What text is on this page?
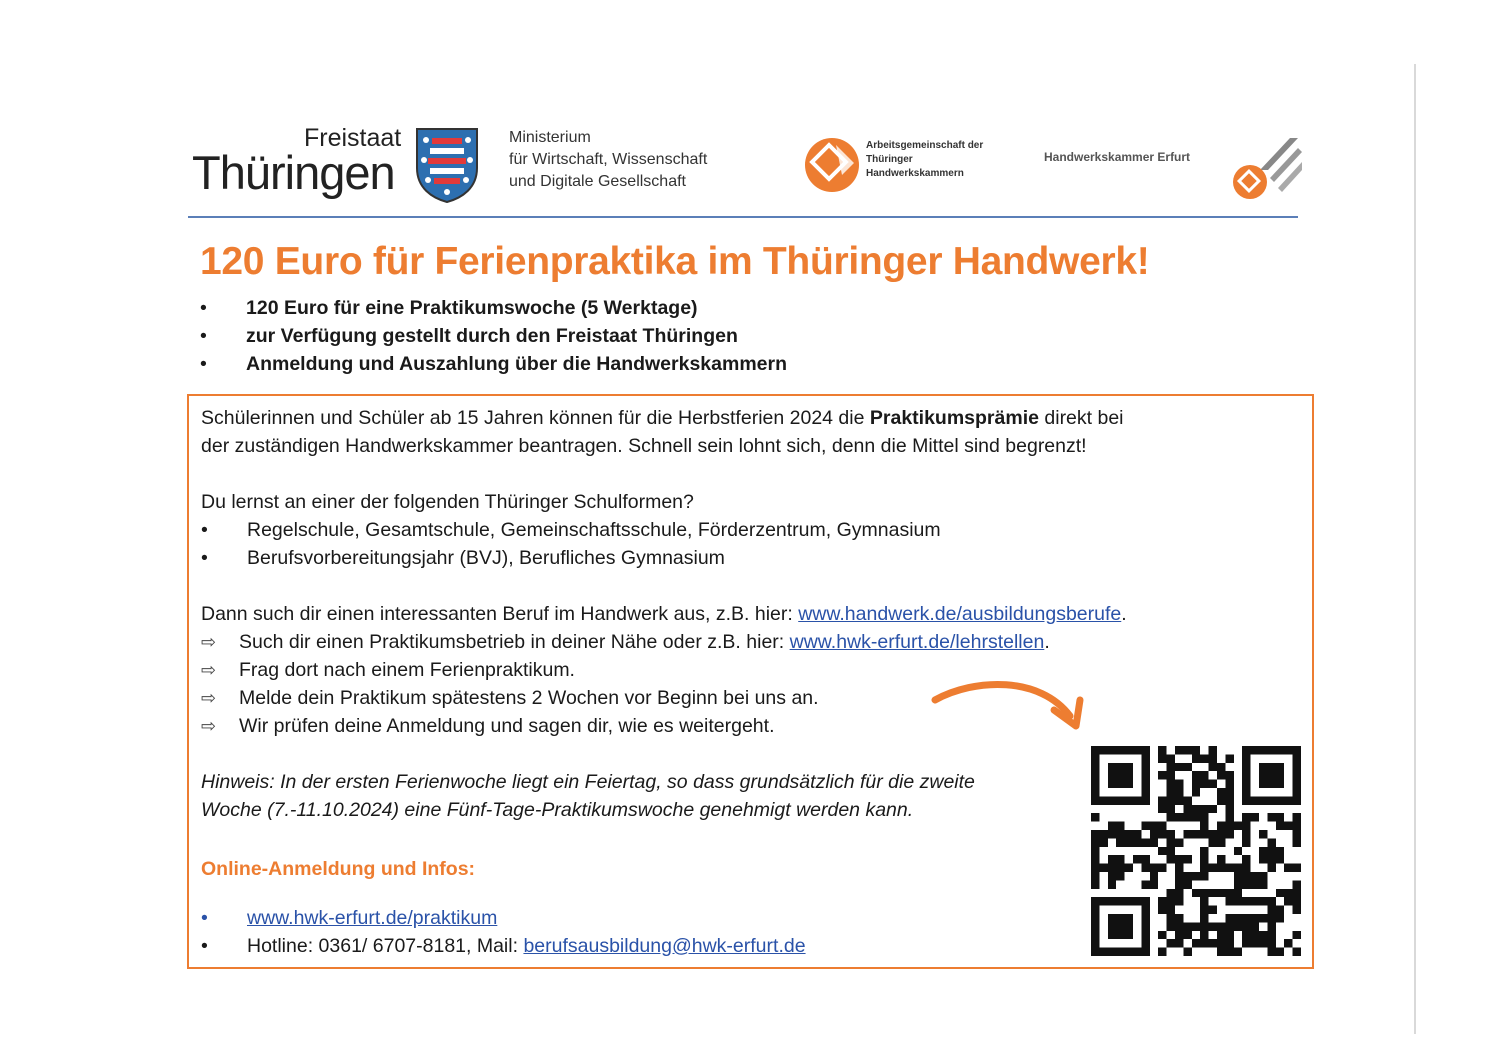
Freistaat
Thüringen
Ministerium
für Wirtschaft, Wissenschaft
und Digitale Gesellschaft
Arbeitsgemeinschaft der
Thüringer
Handwerkskammern
Handwerkskammer Erfurt
120 Euro für Ferienpraktika im Thüringer Handwerk!
• 120 Euro für eine Praktikumswoche (5 Werktage)
• zur Verfügung gestellt durch den Freistaat Thüringen
• Anmeldung und Auszahlung über die Handwerkskammern

Schülerinnen und Schüler ab 15 Jahren können für die Herbstferien 2024 die Praktikumsprämie direkt bei

der zuständigen Handwerkskammer beantragen. Schnell sein lohnt sich, denn die Mittel sind begrenzt!

Du lernst an einer der folgenden Thüringer Schulformen?

• Regelschule, Gesamtschule, Gemeinschaftsschule, Förderzentrum, Gymnasium
• Berufsvorbereitungsjahr (BVJ), Berufliches Gymnasium

Dann such dir einen interessanten Beruf im Handwerk aus, z.B. hier: www.handwerk.de/ausbildungsberufe.

⇨ Such dir einen Praktikumsbetrieb in deiner Nähe oder z.B. hier: www.hwk-erfurt.de/lehrstellen.
⇨ Frag dort nach einem Ferienpraktikum.
⇨ Melde dein Praktikum spätestens 2 Wochen vor Beginn bei uns an.
⇨ Wir prüfen deine Anmeldung und sagen dir, wie es weitergeht.
Hinweis: In der ersten Ferienwoche liegt ein Feiertag, so dass grundsätzlich für die zweite
Woche (7.-11.10.2024) eine Fünf-Tage-Praktikumswoche genehmigt werden kann.
Online-Anmeldung und Infos:
• www.hwk-erfurt.de/praktikum
• Hotline: 0361/ 6707-8181, Mail: berufsausbildung@hwk-erfurt.de
